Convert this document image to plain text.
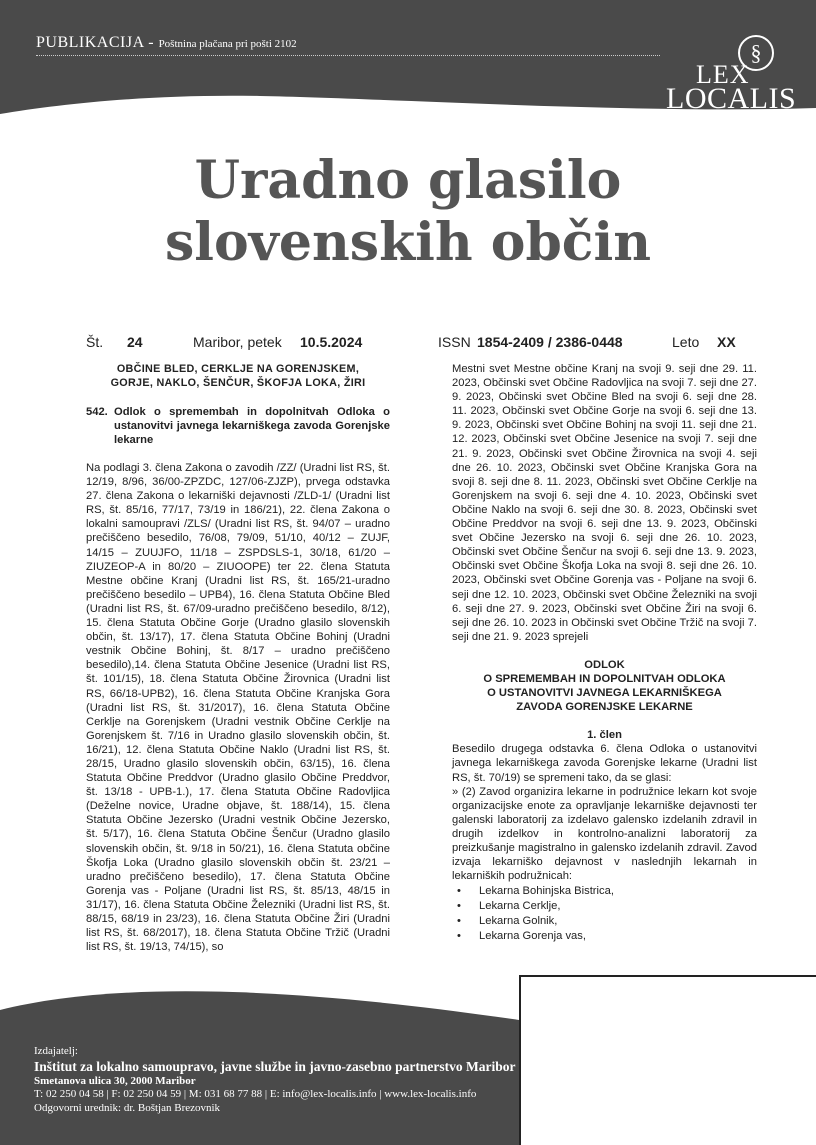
PUBLIKACIJA - Poštnina plačana pri pošti 2102	§
LEX
LOCALIS
Uradno glasilo
slovenskih občin
Št. 24	Maribor, petek 10.5.2024	ISSN 1854-2409 / 2386-0448	Leto XX
OBČINE BLED, CERKLJE NA GORENJSKEM,
GORJE, NAKLO, ŠENČUR, ŠKOFJA LOKA, ŽIRI
542. Odlok o spremembah in dopolnitvah Odloka o ustanovitvi javnega lekarniškega zavoda Gorenjske lekarne

Na podlagi 3. člena Zakona o zavodih /ZZ/ (Uradni list RS, št. 12/19, 8/96, 36/00-ZPZDC, 127/06-ZJZP), prvega odstavka 27. člena Zakona o lekarniški dejavnosti /ZLD-1/ (Uradni list RS, št. 85/16, 77/17, 73/19 in 186/21), 22. člena Zakona o lokalni samoupravi /ZLS/ (Uradni list RS, št. 94/07 – uradno prečiščeno besedilo, 76/08, 79/09, 51/10, 40/12 – ZUJF, 14/15 – ZUUJFO, 11/18 – ZSPDSLS-1, 30/18, 61/20 – ZIUZEOP-A in 80/20 – ZIUOOPE) ter 22. člena Statuta Mestne občine Kranj (Uradni list RS, št. 165/21-uradno prečiščeno besedilo – UPB4), 16. člena Statuta Občine Bled (Uradni list RS, št. 67/09-uradno prečiščeno besedilo, 8/12), 15. člena Statuta Občine Gorje (Uradno glasilo slovenskih občin, št. 13/17), 17. člena Statuta Občine Bohinj (Uradni vestnik Občine Bohinj, št. 8/17 – uradno prečiščeno besedilo),14. člena Statuta Občine Jesenice (Uradni list RS, št. 101/15), 18. člena Statuta Občine Žirovnica (Uradni list RS, 66/18-UPB2), 16. člena Statuta Občine Kranjska Gora (Uradni list RS, št. 31/2017), 16. člena Statuta Občine Cerklje na Gorenjskem (Uradni vestnik Občine Cerklje na Gorenjskem št. 7/16 in Uradno glasilo slovenskih občin, št. 16/21), 12. člena Statuta Občine Naklo (Uradni list RS, št. 28/15, Uradno glasilo slovenskih občin, 63/15), 16. člena Statuta Občine Preddvor (Uradno glasilo Občine Preddvor, št. 13/18 - UPB-1.), 17. člena Statuta Občine Radovljica (Deželne novice, Uradne objave, št. 188/14), 15. člena Statuta Občine Jezersko (Uradni vestnik Občine Jezersko, št. 5/17), 16. člena Statuta Občine Šenčur (Uradno glasilo slovenskih občin, št. 9/18 in 50/21), 16. člena Statuta občine Škofja Loka (Uradno glasilo slovenskih občin št. 23/21 – uradno prečiščeno besedilo), 17. člena Statuta Občine Gorenja vas - Poljane (Uradni list RS, št. 85/13, 48/15 in 31/17), 16. člena Statuta Občine Železniki (Uradni list RS, št. 88/15, 68/19 in 23/23), 16. člena Statuta Občine Žiri (Uradni list RS, št. 68/2017), 18. člena Statuta Občine Tržič (Uradni list RS, št. 19/13, 74/15), so

Mestni svet Mestne občine Kranj na svoji 9. seji dne 29. 11. 2023, Občinski svet Občine Radovljica na svoji 7. seji dne 27. 9. 2023, Občinski svet Občine Bled na svoji 6. seji dne 28. 11. 2023, Občinski svet Občine Gorje na svoji 6. seji dne 13. 9. 2023, Občinski svet Občine Bohinj na svoji 11. seji dne 21. 12. 2023, Občinski svet Občine Jesenice na svoji 7. seji dne 21. 9. 2023, Občinski svet Občine Žirovnica na svoji 4. seji dne 26. 10. 2023, Občinski svet Občine Kranjska Gora na svoji 8. seji dne 8. 11. 2023, Občinski svet Občine Cerklje na Gorenjskem na svoji 6. seji dne 4. 10. 2023, Občinski svet Občine Naklo na svoji 6. seji dne 30. 8. 2023, Občinski svet Občine Preddvor na svoji 6. seji dne 13. 9. 2023, Občinski svet Občine Jezersko na svoji 6. seji dne 26. 10. 2023, Občinski svet Občine Šenčur na svoji 6. seji dne 13. 9. 2023, Občinski svet Občine Škofja Loka na svoji 8. seji dne 26. 10. 2023, Občinski svet Občine Gorenja vas - Poljane na svoji 6. seji dne 12. 10. 2023, Občinski svet Občine Železniki na svoji 6. seji dne 27. 9. 2023, Občinski svet Občine Žiri na svoji 6. seji dne 26. 10. 2023 in Občinski svet Občine Tržič na svoji 7. seji dne 21. 9. 2023 sprejeli

ODLOK
O SPREMEMBAH IN DOPOLNITVAH ODLOKA
O USTANOVITVI JAVNEGA LEKARNIŠKEGA
ZAVODA GORENJSKE LEKARNE
1. člen

Besedilo drugega odstavka 6. člena Odloka o ustanovitvi javnega lekarniškega zavoda Gorenjske lekarne (Uradni list RS, št. 70/19) se spremeni tako, da se glasi:

» (2) Zavod organizira lekarne in podružnice lekarn kot svoje organizacijske enote za opravljanje lekarniške dejavnosti ter galenski laboratorij za izdelavo galensko izdelanih zdravil in drugih izdelkov in kontrolno-analizni laboratorij za preizkušanje magistralno in galensko izdelanih zdravil. Zavod izvaja lekarniško dejavnost v naslednjih lekarnah in lekarniških podružnicah:

• Lekarna Bohinjska Bistrica,
• Lekarna Cerklje,
• Lekarna Golnik,
• Lekarna Gorenja vas,
Izdajatelj:
Inštitut za lokalno samoupravo, javne službe in javno-zasebno partnerstvo Maribor
Smetanova ulica 30, 2000 Maribor
T: 02 250 04 58 | F: 02 250 04 59 | M: 031 68 77 88 | E: info@lex-localis.info | www.lex-localis.info
Odgovorni urednik: dr. Boštjan Brezovnik
